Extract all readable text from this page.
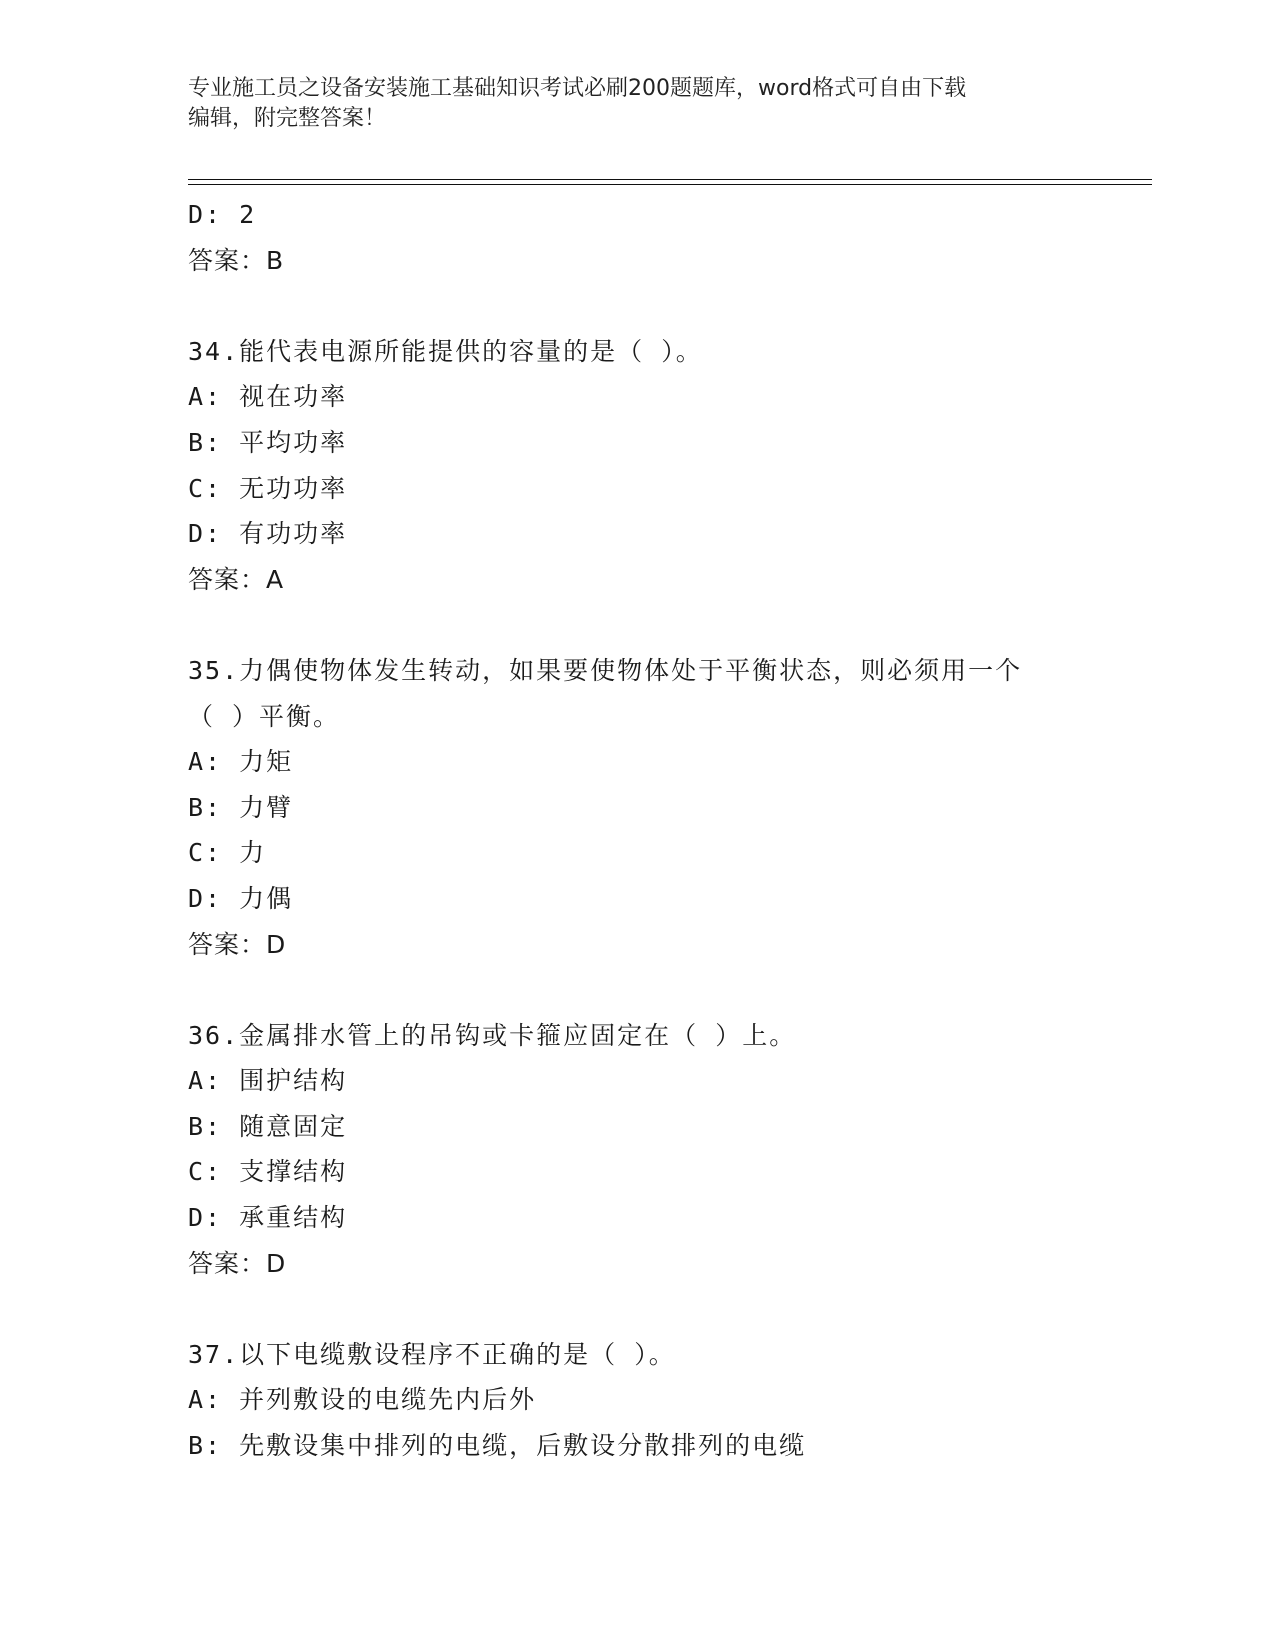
专业施工员之设备安装施工基础知识考试必刷200题题库，word格式可自由下载
编辑，附完整答案！
D: 2
答案：B
34.能代表电源所能提供的容量的是（ ）。
A: 视在功率
B: 平均功率
C: 无功功率
D: 有功功率
答案：A
35.力偶使物体发生转动，如果要使物体处于平衡状态，则必须用一个
（ ）平衡。
A: 力矩
B: 力臂
C: 力
D: 力偶
答案：D
36.金属排水管上的吊钩或卡箍应固定在（ ）上。
A: 围护结构
B: 随意固定
C: 支撑结构
D: 承重结构
答案：D
37.以下电缆敷设程序不正确的是（ ）。
A: 并列敷设的电缆先内后外
B: 先敷设集中排列的电缆，后敷设分散排列的电缆
